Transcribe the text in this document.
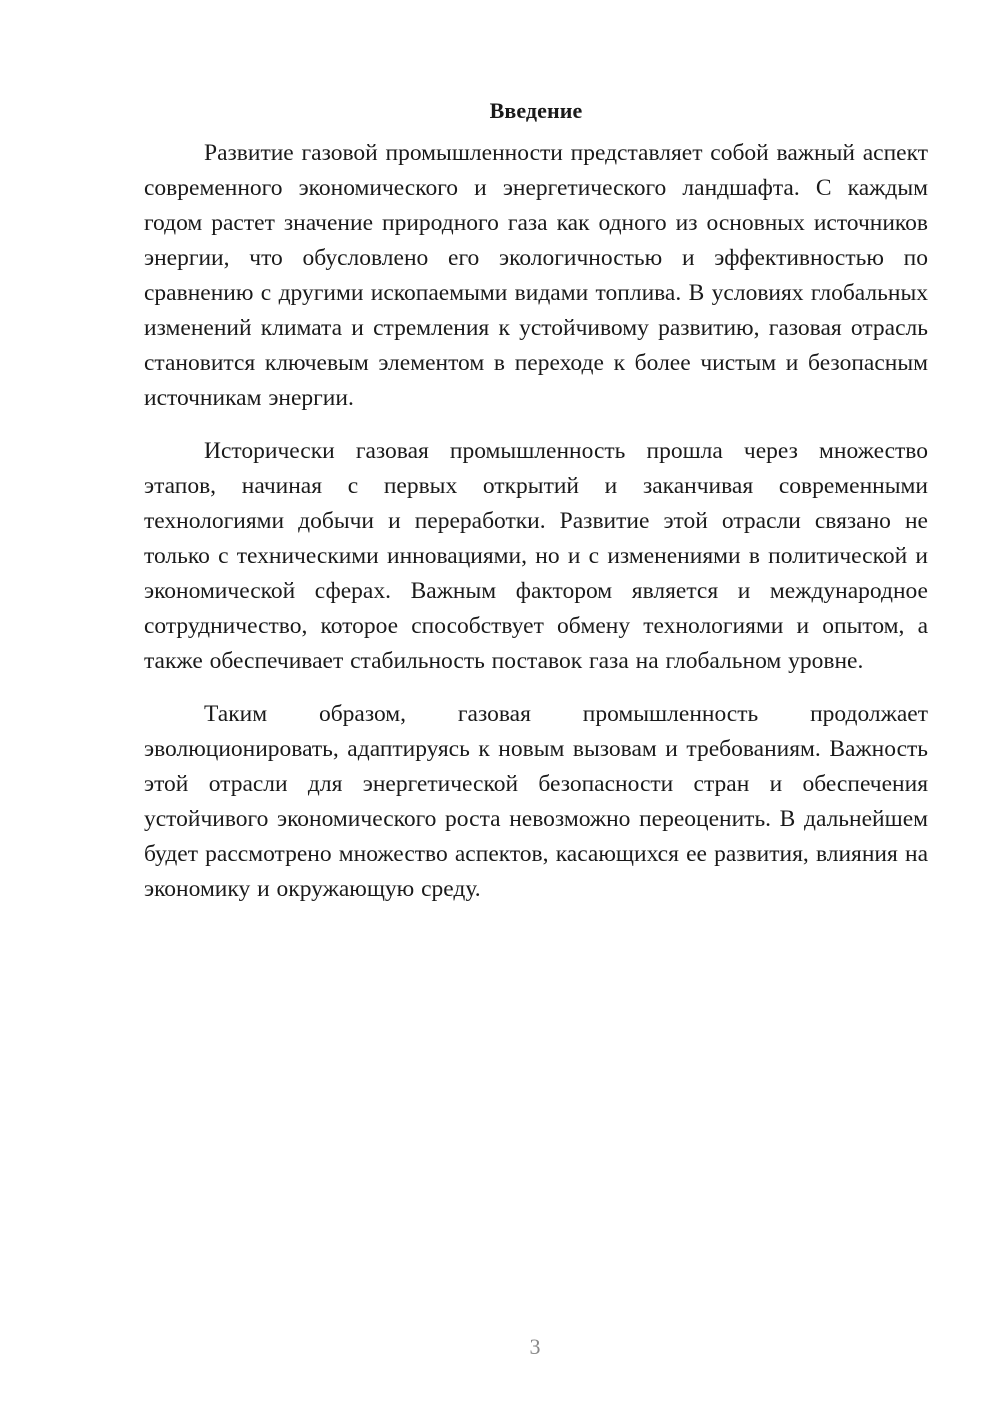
Введение

Развитие газовой промышленности представляет собой важный аспект современного экономического и энергетического ландшафта. С каждым годом растет значение природного газа как одного из основных источников энергии, что обусловлено его экологичностью и эффективностью по сравнению с другими ископаемыми видами топлива. В условиях глобальных изменений климата и стремления к устойчивому развитию, газовая отрасль становится ключевым элементом в переходе к более чистым и безопасным источникам энергии.

Исторически газовая промышленность прошла через множество этапов, начиная с первых открытий и заканчивая современными технологиями добычи и переработки. Развитие этой отрасли связано не только с техническими инновациями, но и с изменениями в политической и экономической сферах. Важным фактором является и международное сотрудничество, которое способствует обмену технологиями и опытом, а также обеспечивает стабильность поставок газа на глобальном уровне.

Таким образом, газовая промышленность продолжает эволюционировать, адаптируясь к новым вызовам и требованиям. Важность этой отрасли для энергетической безопасности стран и обеспечения устойчивого экономического роста невозможно переоценить. В дальнейшем будет рассмотрено множество аспектов, касающихся ее развития, влияния на экономику и окружающую среду.

3
